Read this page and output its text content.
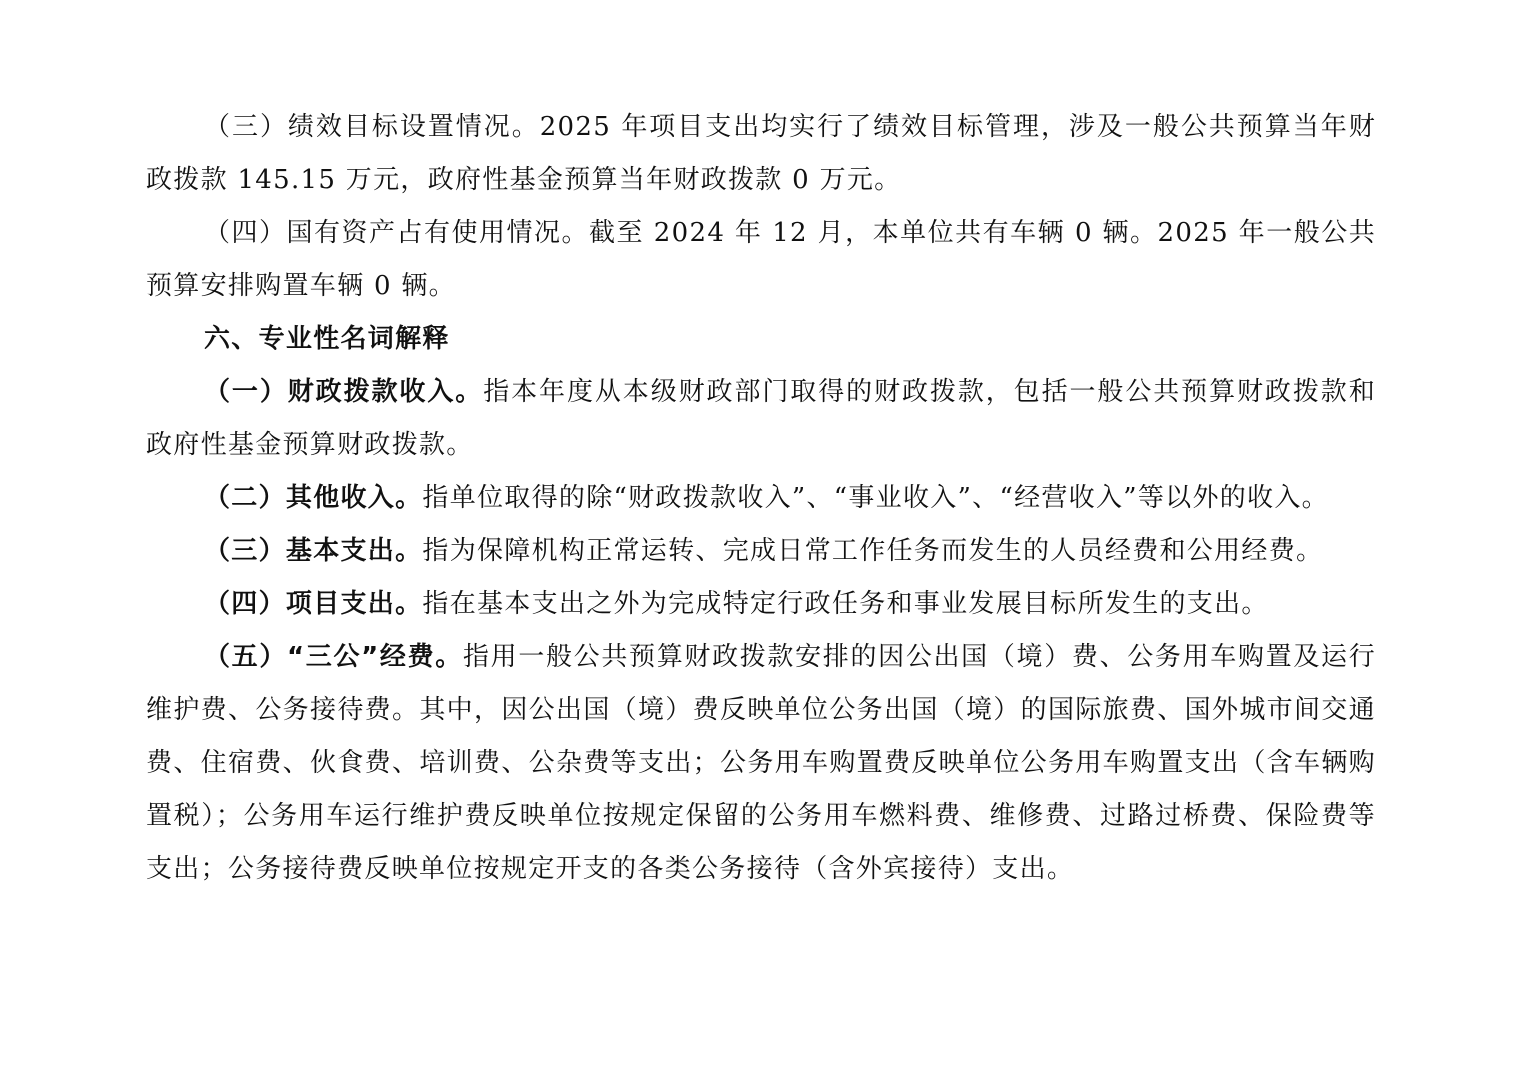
（三）绩效目标设置情况。2025 年项目支出均实行了绩效目标管理，涉及一般公共预算当年财政拨款 145.15 万元，政府性基金预算当年财政拨款 0 万元。

（四）国有资产占有使用情况。截至 2024 年 12 月，本单位共有车辆 0 辆。2025 年一般公共预算安排购置车辆 0 辆。

六、专业性名词解释

（一）财政拨款收入。指本年度从本级财政部门取得的财政拨款，包括一般公共预算财政拨款和政府性基金预算财政拨款。

（二）其他收入。指单位取得的除“财政拨款收入”、“事业收入”、“经营收入”等以外的收入。

（三）基本支出。指为保障机构正常运转、完成日常工作任务而发生的人员经费和公用经费。

（四）项目支出。指在基本支出之外为完成特定行政任务和事业发展目标所发生的支出。

（五）“三公”经费。指用一般公共预算财政拨款安排的因公出国（境）费、公务用车购置及运行维护费、公务接待费。其中，因公出国（境）费反映单位公务出国（境）的国际旅费、国外城市间交通费、住宿费、伙食费、培训费、公杂费等支出；公务用车购置费反映单位公务用车购置支出（含车辆购置税）；公务用车运行维护费反映单位按规定保留的公务用车燃料费、维修费、过路过桥费、保险费等支出；公务接待费反映单位按规定开支的各类公务接待（含外宾接待）支出。
